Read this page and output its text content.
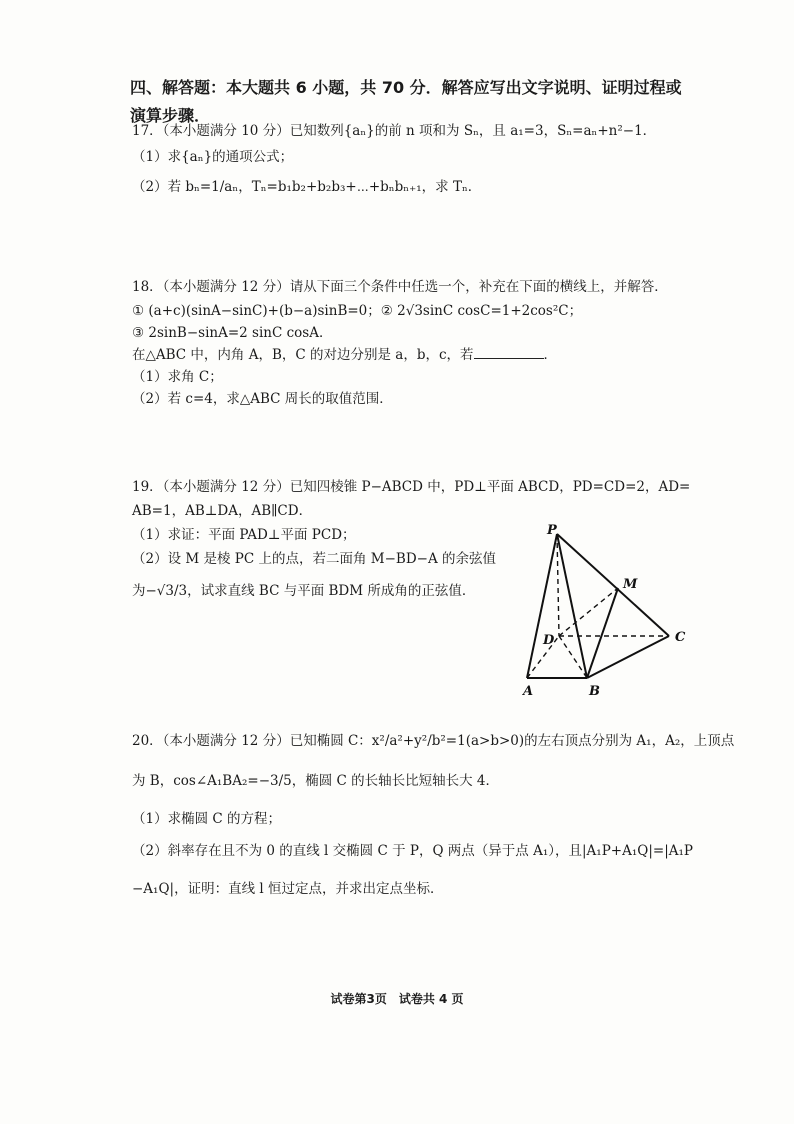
四、解答题：本大题共 6 小题，共 70 分．解答应写出文字说明、证明过程或演算步骤．
17．（本小题满分 10 分）已知数列{aₙ}的前 n 项和为 Sₙ，且 a₁=3，Sₙ=aₙ+n²−1．
（1）求{aₙ}的通项公式；
（2）若 bₙ=1/aₙ，Tₙ=b₁b₂+b₂b₃+⋯+bₙbₙ₊₁，求 Tₙ．
18．（本小题满分 12 分）请从下面三个条件中任选一个，补充在下面的横线上，并解答．
① (a+c)(sinA−sinC)+(b−a)sinB=0；② 2√3sinC cosC=1+2cos²C；
③ 2sinB−sinA=2 sinC cosA．
在△ABC 中，内角 A，B，C 的对边分别是 a，b，c，若	．
（1）求角 C；
（2）若 c=4，求△ABC 周长的取值范围．
19．（本小题满分 12 分）已知四棱锥 P−ABCD 中，PD⊥平面 ABCD，PD=CD=2，AD=
AB=1，AB⊥DA，AB∥CD．
（1）求证：平面 PAD⊥平面 PCD；
（2）设 M 是棱 PC 上的点，若二面角 M−BD−A 的余弦值
为−√3/3，试求直线 BC 与平面 BDM 所成角的正弦值．
P
M
D	C
A	B
20．（本小题满分 12 分）已知椭圆 C：x²/a²+y²/b²=1(a>b>0)的左右顶点分别为 A₁，A₂，上顶点
为 B，cos∠A₁BA₂=−3/5，椭圆 C 的长轴长比短轴长大 4．
（1）求椭圆 C 的方程；
（2）斜率存在且不为 0 的直线 l 交椭圆 C 于 P，Q 两点（异于点 A₁），且|A₁P+A₁Q|=|A₁P
−A₁Q|，证明：直线 l 恒过定点，并求出定点坐标．
试卷第3页　试卷共 4 页
